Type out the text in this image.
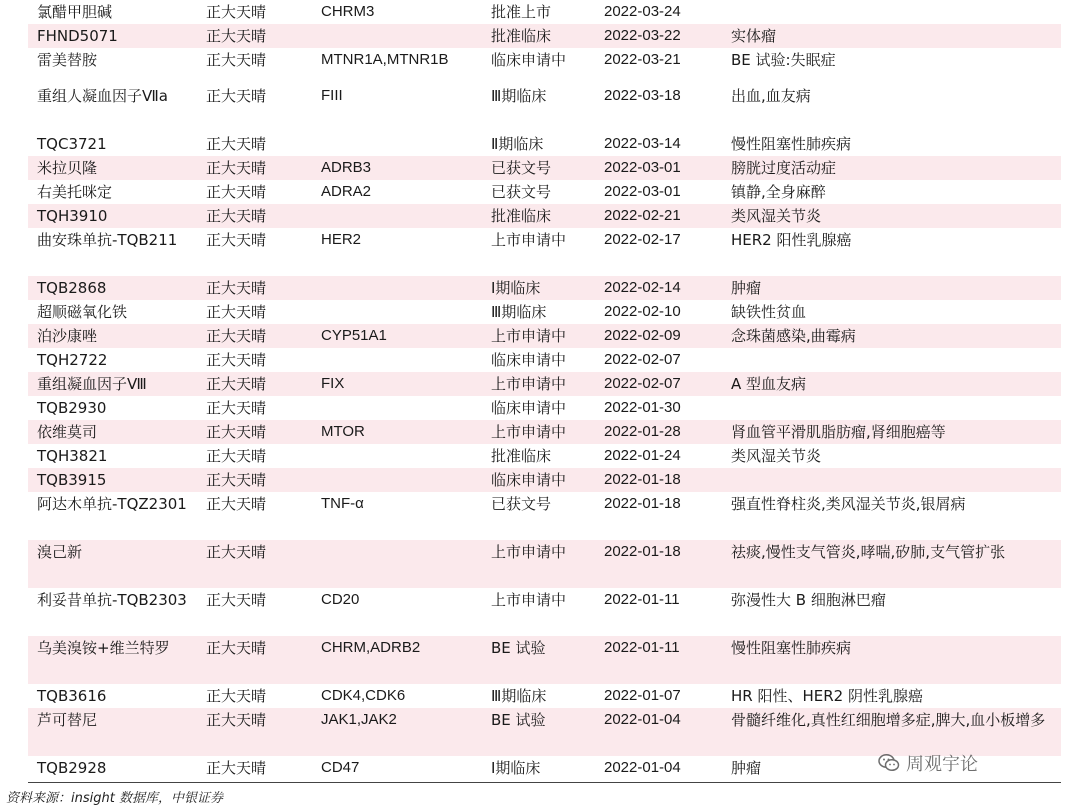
氯醋甲胆碱	正大天晴	CHRM3	批准上市	2022-03-24	
FHND5071	正大天晴		批准临床	2022-03-22	实体瘤
雷美替胺	正大天晴	MTNR1A,MTNR1B	临床申请中	2022-03-21	BE 试验:失眠症
重组人凝血因子Ⅶa	正大天晴	FIII	Ⅲ期临床	2022-03-18	出血,血友病
TQC3721	正大天晴		Ⅱ期临床	2022-03-14	慢性阻塞性肺疾病
米拉贝隆	正大天晴	ADRB3	已获文号	2022-03-01	膀胱过度活动症
右美托咪定	正大天晴	ADRA2	已获文号	2022-03-01	镇静,全身麻醉
TQH3910	正大天晴		批准临床	2022-02-21	类风湿关节炎
曲安珠单抗-TQB211	正大天晴	HER2	上市申请中	2022-02-17	HER2 阳性乳腺癌
TQB2868	正大天晴		Ⅰ期临床	2022-02-14	肿瘤
超顺磁氧化铁	正大天晴		Ⅲ期临床	2022-02-10	缺铁性贫血
泊沙康唑	正大天晴	CYP51A1	上市申请中	2022-02-09	念珠菌感染,曲霉病
TQH2722	正大天晴		临床申请中	2022-02-07	
重组凝血因子Ⅷ	正大天晴	FIX	上市申请中	2022-02-07	A 型血友病
TQB2930	正大天晴		临床申请中	2022-01-30	
依维莫司	正大天晴	MTOR	上市申请中	2022-01-28	肾血管平滑肌脂肪瘤,肾细胞癌等
TQH3821	正大天晴		批准临床	2022-01-24	类风湿关节炎
TQB3915	正大天晴		临床申请中	2022-01-18	
阿达木单抗-TQZ2301	正大天晴	TNF-α	已获文号	2022-01-18	强直性脊柱炎,类风湿关节炎,银屑病
溴己新	正大天晴		上市申请中	2022-01-18	祛痰,慢性支气管炎,哮喘,矽肺,支气管扩张
利妥昔单抗-TQB2303	正大天晴	CD20	上市申请中	2022-01-11	弥漫性大 B 细胞淋巴瘤
乌美溴铵+维兰特罗	正大天晴	CHRM,ADRB2	BE 试验	2022-01-11	慢性阻塞性肺疾病
TQB3616	正大天晴	CDK4,CDK6	Ⅲ期临床	2022-01-07	HR 阳性、HER2 阴性乳腺癌
芦可替尼	正大天晴	JAK1,JAK2	BE 试验	2022-01-04	骨髓纤维化,真性红细胞增多症,脾大,血小板增多
TQB2928	正大天晴	CD47	Ⅰ期临床	2022-01-04	肿瘤
资料来源：insight 数据库，中银证券
周观宇论
